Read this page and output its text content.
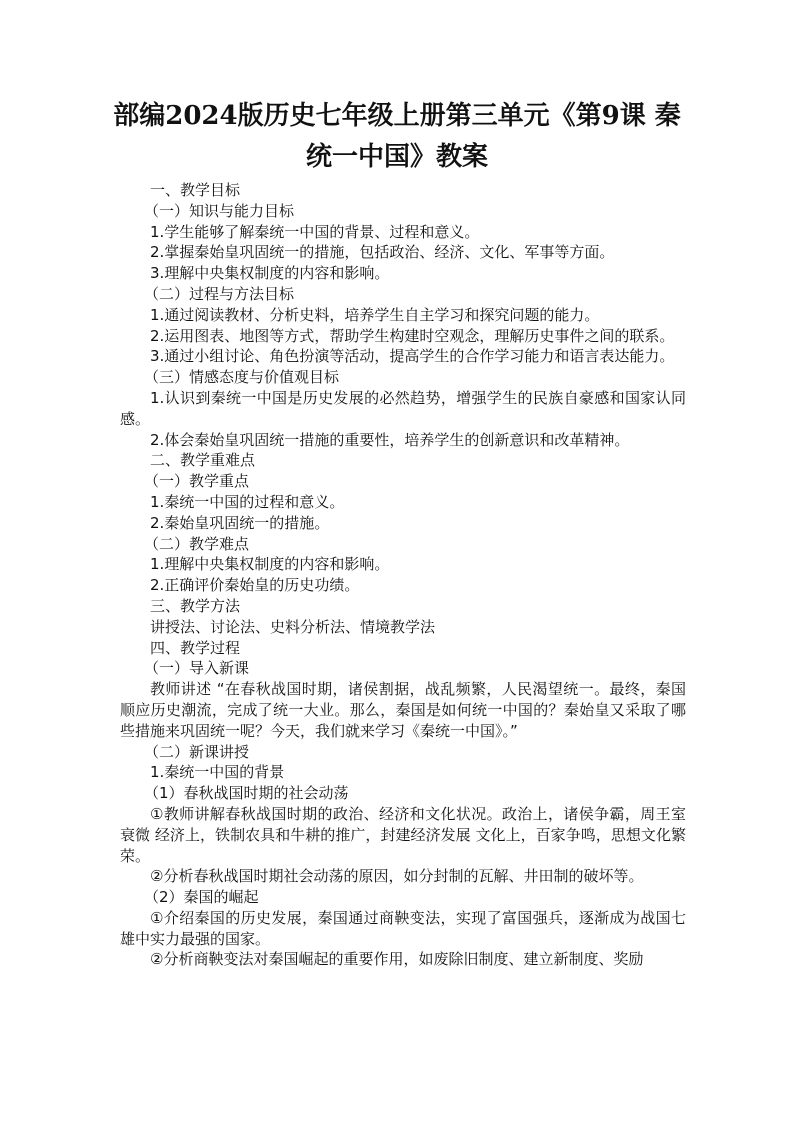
部编2024版历史七年级上册第三单元《第9课 秦
统一中国》教案

一、教学目标

（一）知识与能力目标

1.学生能够了解秦统一中国的背景、过程和意义。

2.掌握秦始皇巩固统一的措施，包括政治、经济、文化、军事等方面。

3.理解中央集权制度的内容和影响。

（二）过程与方法目标

1.通过阅读教材、分析史料，培养学生自主学习和探究问题的能力。

2.运用图表、地图等方式，帮助学生构建时空观念，理解历史事件之间的联系。

3.通过小组讨论、角色扮演等活动，提高学生的合作学习能力和语言表达能力。

（三）情感态度与价值观目标

1.认识到秦统一中国是历史发展的必然趋势，增强学生的民族自豪感和国家认同感。

2.体会秦始皇巩固统一措施的重要性，培养学生的创新意识和改革精神。

二、教学重难点

（一）教学重点

1.秦统一中国的过程和意义。

2.秦始皇巩固统一的措施。

（二）教学难点

1.理解中央集权制度的内容和影响。

2.正确评价秦始皇的历史功绩。

三、教学方法

讲授法、讨论法、史料分析法、情境教学法

四、教学过程

（一）导入新课

教师讲述 “在春秋战国时期，诸侯割据，战乱频繁，人民渴望统一。最终，秦国顺应历史潮流，完成了统一大业。那么，秦国是如何统一中国的？秦始皇又采取了哪些措施来巩固统一呢？今天，我们就来学习《秦统一中国》。”

（二）新课讲授

1.秦统一中国的背景

（1）春秋战国时期的社会动荡

①教师讲解春秋战国时期的政治、经济和文化状况。政治上，诸侯争霸，周王室衰微 经济上，铁制农具和牛耕的推广，封建经济发展 文化上，百家争鸣，思想文化繁荣。

②分析春秋战国时期社会动荡的原因，如分封制的瓦解、井田制的破坏等。

（2）秦国的崛起

①介绍秦国的历史发展，秦国通过商鞅变法，实现了富国强兵，逐渐成为战国七雄中实力最强的国家。

②分析商鞅变法对秦国崛起的重要作用，如废除旧制度、建立新制度、奖励
